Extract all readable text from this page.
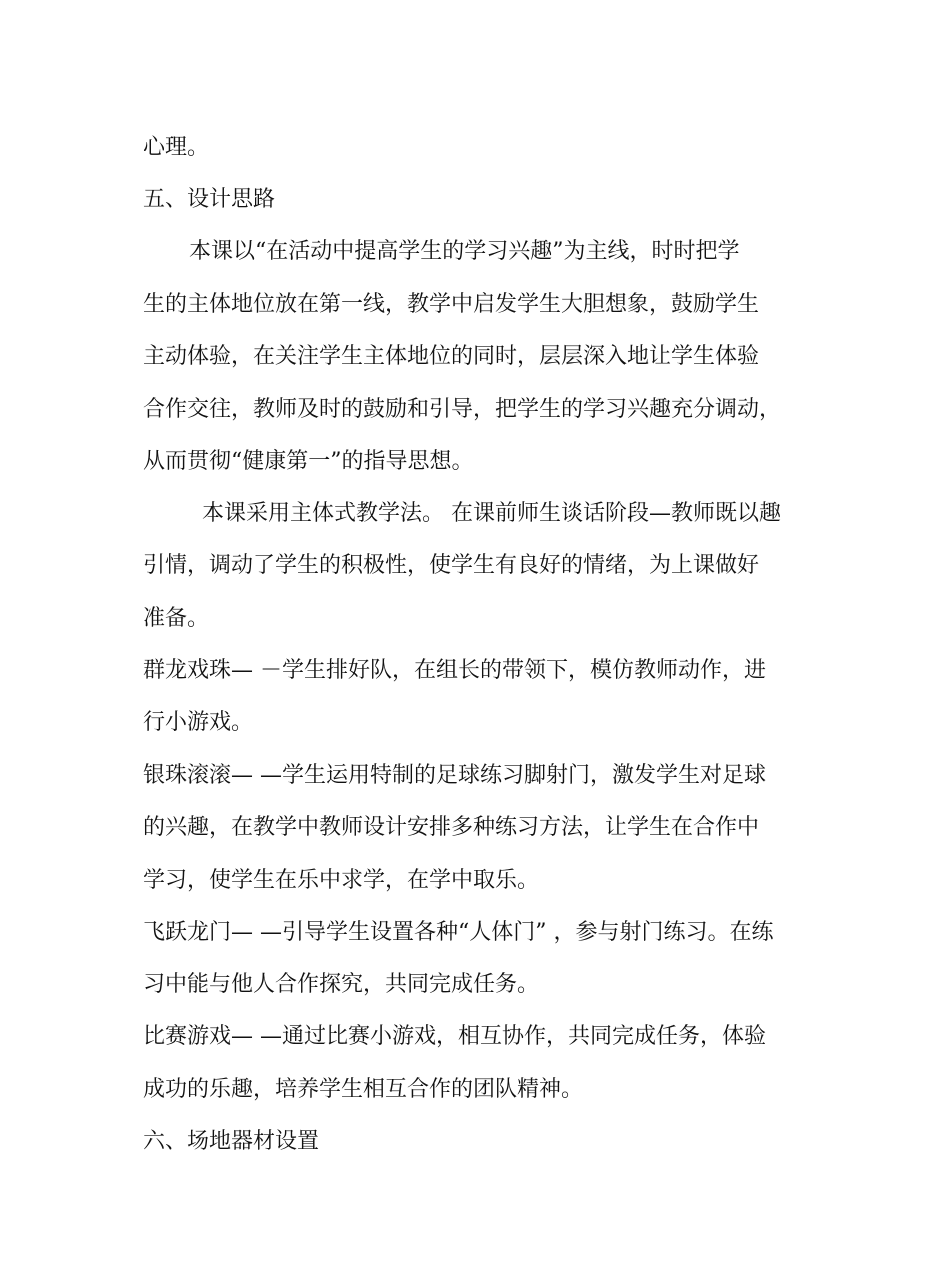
心理。
五、设计思路
本课以“在活动中提高学生的学习兴趣”为主线，时时把学
生的主体地位放在第一线，教学中启发学生大胆想象，鼓励学生
主动体验，在关注学生主体地位的同时，层层深入地让学生体验
合作交往，教师及时的鼓励和引导，把学生的学习兴趣充分调动，
从而贯彻“健康第一”的指导思想。
本课采用主体式教学法。 在课前师生谈话阶段—教师既以趣
引情，调动了学生的积极性，使学生有良好的情绪，为上课做好
准备。
群龙戏珠— －学生排好队，在组长的带领下，模仿教师动作，进
行小游戏。
银珠滚滚— —学生运用特制的足球练习脚射门，激发学生对足球
的兴趣，在教学中教师设计安排多种练习方法，让学生在合作中
学习，使学生在乐中求学，在学中取乐。
飞跃龙门— —引导学生设置各种“人体门” ，参与射门练习。在练
习中能与他人合作探究，共同完成任务。
比赛游戏— —通过比赛小游戏，相互协作，共同完成任务，体验
成功的乐趣，培养学生相互合作的团队精神。
六、场地器材设置
